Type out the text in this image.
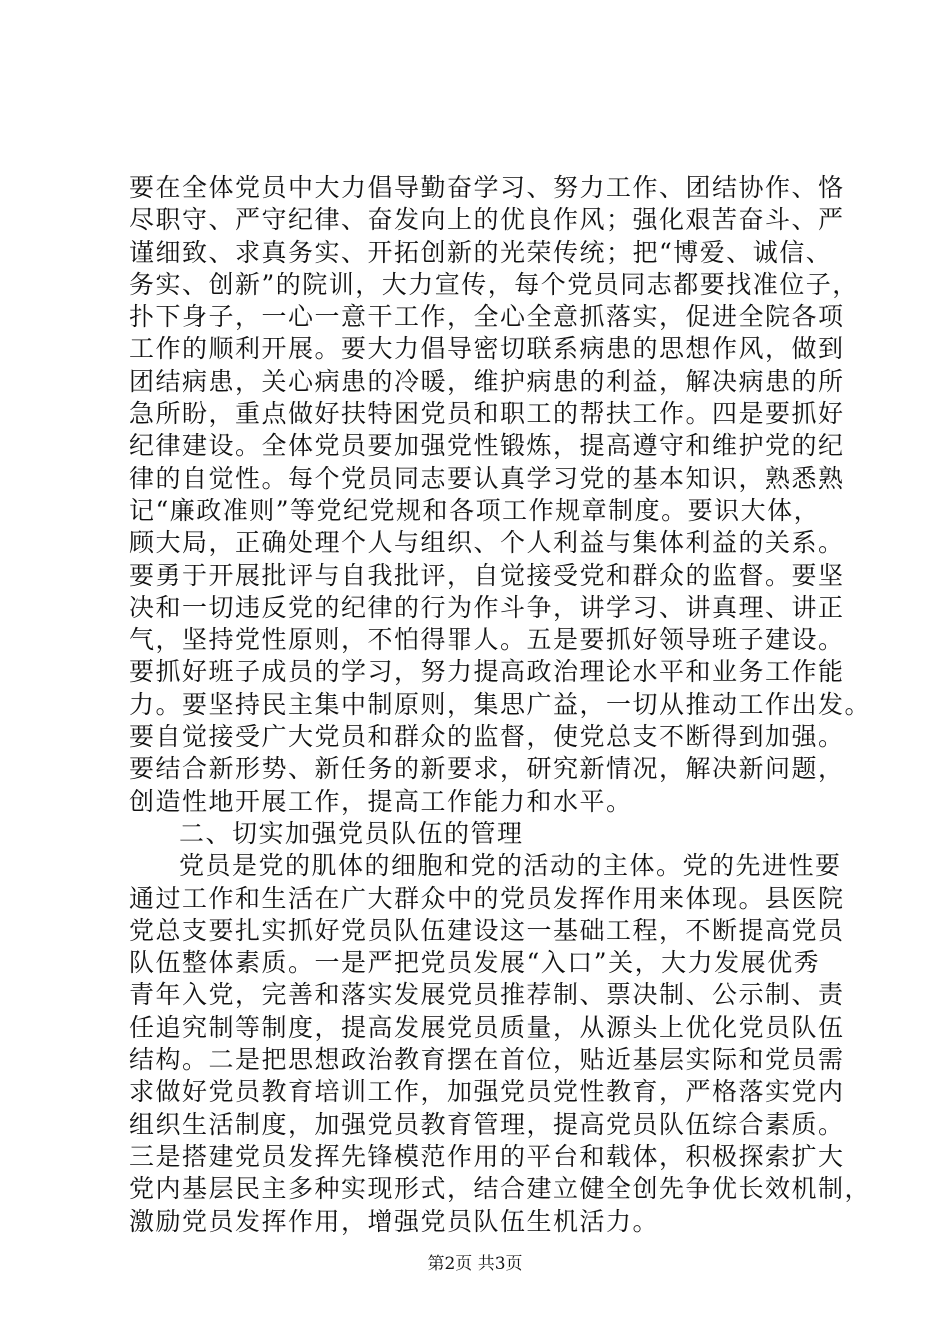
要在全体党员中大力倡导勤奋学习、努力工作、团结协作、恪
尽职守、严守纪律、奋发向上的优良作风；强化艰苦奋斗、严
谨细致、求真务实、开拓创新的光荣传统；把“博爱、诚信、
务实、创新”的院训，大力宣传，每个党员同志都要找准位子，
扑下身子，一心一意干工作，全心全意抓落实，促进全院各项
工作的顺利开展。要大力倡导密切联系病患的思想作风，做到
团结病患，关心病患的冷暖，维护病患的利益，解决病患的所
急所盼，重点做好扶特困党员和职工的帮扶工作。四是要抓好
纪律建设。全体党员要加强党性锻炼，提高遵守和维护党的纪
律的自觉性。每个党员同志要认真学习党的基本知识，熟悉熟
记“廉政准则”等党纪党规和各项工作规章制度。要识大体，
顾大局，正确处理个人与组织、个人利益与集体利益的关系。
要勇于开展批评与自我批评，自觉接受党和群众的监督。要坚
决和一切违反党的纪律的行为作斗争，讲学习、讲真理、讲正
气，坚持党性原则，不怕得罪人。五是要抓好领导班子建设。
要抓好班子成员的学习，努力提高政治理论水平和业务工作能
力。要坚持民主集中制原则，集思广益，一切从推动工作出发。
要自觉接受广大党员和群众的监督，使党总支不断得到加强。
要结合新形势、新任务的新要求，研究新情况，解决新问题，
创造性地开展工作，提高工作能力和水平。
二、切实加强党员队伍的管理
党员是党的肌体的细胞和党的活动的主体。党的先进性要
通过工作和生活在广大群众中的党员发挥作用来体现。县医院
党总支要扎实抓好党员队伍建设这一基础工程，不断提高党员
队伍整体素质。一是严把党员发展“入口”关，大力发展优秀
青年入党，完善和落实发展党员推荐制、票决制、公示制、责
任追究制等制度，提高发展党员质量，从源头上优化党员队伍
结构。二是把思想政治教育摆在首位，贴近基层实际和党员需
求做好党员教育培训工作，加强党员党性教育，严格落实党内
组织生活制度，加强党员教育管理，提高党员队伍综合素质。
三是搭建党员发挥先锋模范作用的平台和载体，积极探索扩大
党内基层民主多种实现形式，结合建立健全创先争优长效机制，
激励党员发挥作用，增强党员队伍生机活力。
第2页 共3页
